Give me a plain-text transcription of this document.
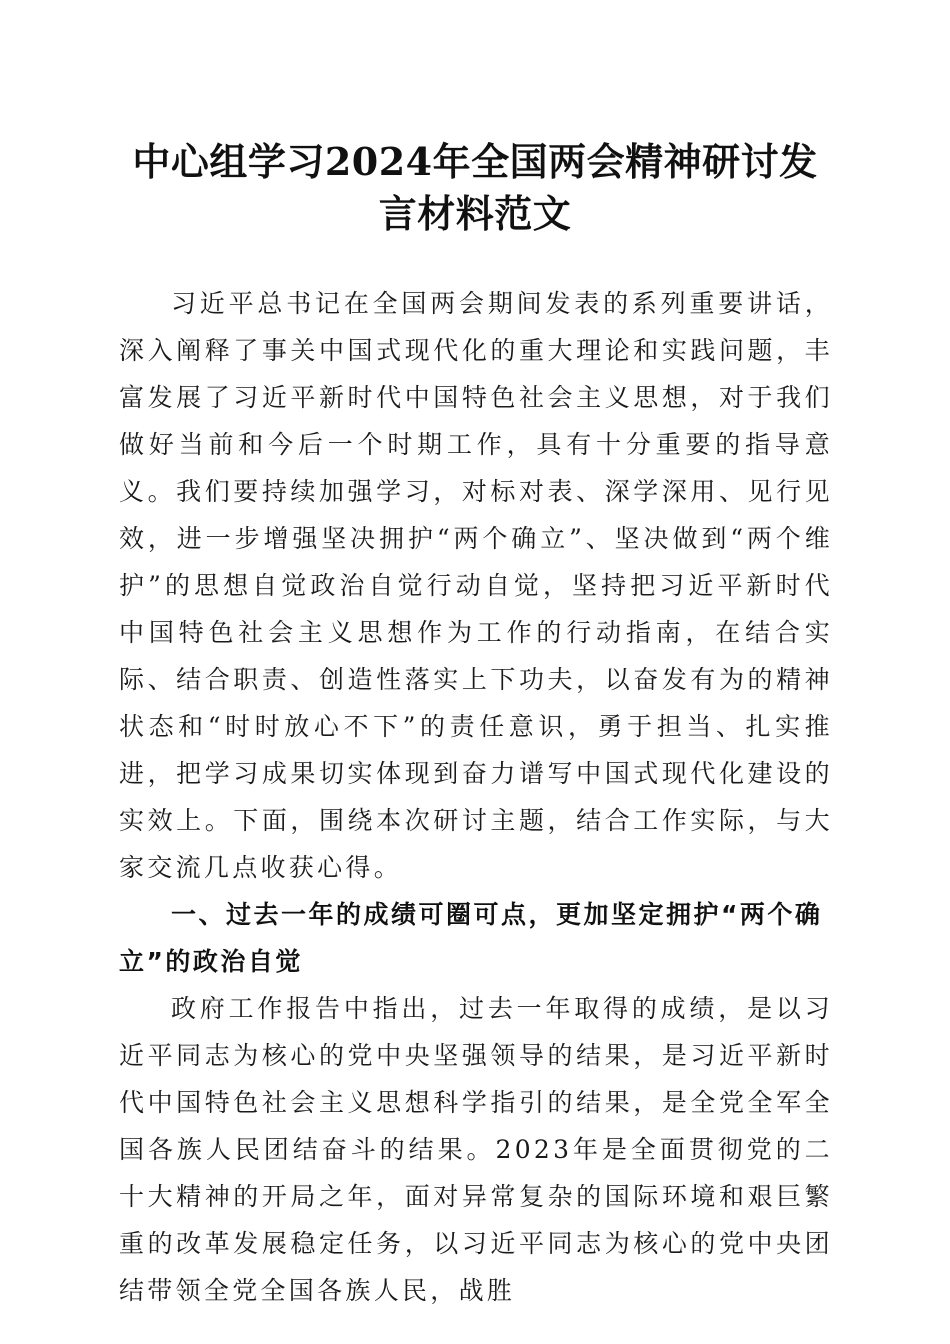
中心组学习2024年全国两会精神研讨发言材料范文

习近平总书记在全国两会期间发表的系列重要讲话，深入阐释了事关中国式现代化的重大理论和实践问题，丰富发展了习近平新时代中国特色社会主义思想，对于我们做好当前和今后一个时期工作，具有十分重要的指导意义。我们要持续加强学习，对标对表、深学深用、见行见效，进一步增强坚决拥护“两个确立”、坚决做到“两个维护”的思想自觉政治自觉行动自觉，坚持把习近平新时代中国特色社会主义思想作为工作的行动指南，在结合实际、结合职责、创造性落实上下功夫，以奋发有为的精神状态和“时时放心不下”的责任意识，勇于担当、扎实推进，把学习成果切实体现到奋力谱写中国式现代化建设的实效上。下面，围绕本次研讨主题，结合工作实际，与大家交流几点收获心得。

一、过去一年的成绩可圈可点，更加坚定拥护“两个确立”的政治自觉

政府工作报告中指出，过去一年取得的成绩，是以习近平同志为核心的党中央坚强领导的结果，是习近平新时代中国特色社会主义思想科学指引的结果，是全党全军全国各族人民团结奋斗的结果。2023年是全面贯彻党的二十大精神的开局之年，面对异常复杂的国际环境和艰巨繁重的改革发展稳定任务，以习近平同志为核心的党中央团结带领全党全国各族人民，战胜
